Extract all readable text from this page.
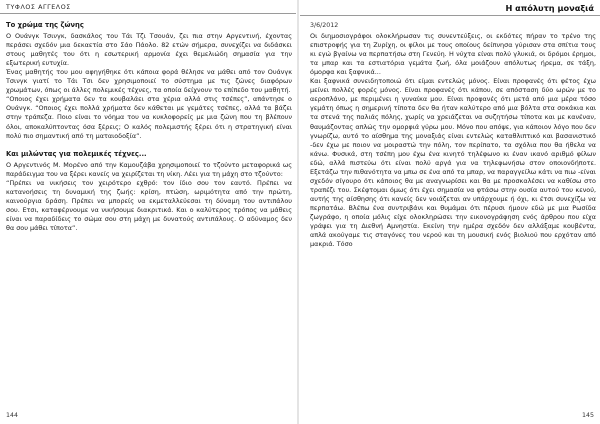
ΤΥΦΛΟΣ ΑΓΓΕΛΟΣ
Το χρώμα της ζώνης

Ο Ουάνγκ Τσινγκ, δασκάλος του Τάι Τζι Τσουάν, ζει πια στην Αργεντινή, έχοντας περάσει σχεδόν μια δεκαετία στο Σάο Πάολο. 82 ετών σήμερα, συνεχίζει να διδάσκει στους μαθητές του ότι η εσωτερική αρμονία έχει θεμελιώδη σημασία για την εξωτερική ευτυχία.

Ένας μαθητής του μου αφηγήθηκε ότι κάποια φορά θέλησε να μάθει από τον Ουάνγκ Τσινγκ γιατί το Τάι Τσι δεν χρησιμοποιεί το σύστημα με τις ζώνες διαφόρων χρωμάτων, όπως οι άλλες πολεμικές τέχνες, τα οποία δείχνουν το επίπεδο του μαθητή.

“Οποιος έχει χρήματα δεν τα κουβαλάει στα χέρια αλλά στις τσέπες”, απάντησε ο Ουάνγκ. “Οποιος έχει πολλά χρήματα δεν κάθεται με γεμάτες τσέπες, αλλά τα βάζει στην τράπεζα. Ποιο είναι το νόημα του να κυκλοφορείς με μια ζώνη που τη βλέπουν όλοι, αποκαλύπτοντας όσα ξέρεις; Ο καλός πολεμιστής ξέρει ότι η στρατηγική είναι πολύ πιο σημαντική από τη ματαιοδοξία”.

Και μιλώντας για πολεμικές τέχνες...

Ο Αργεντινός Μ. Μορένο από την Καμουζάβα χρησιμοποιεί το τζούντο μεταφορικά ως παράδειγμα του να ξέρει κανείς να χειρίζεται τη νίκη. Λέει για τη μάχη στο τζούντο:

“Πρέπει να νικήσεις τον χειρότερο εχθρό: τον ίδιο σου τον εαυτό. Πρέπει να κατανοήσεις τη δυναμική της ζωής: κρίση, πτώση, ωριμότητα από την πρώτη, καινούργια δράση. Πρέπει να μπορείς να εκμεταλλεύεσαι τη δύναμη του αντιπάλου σου. Ετσι, καταφέρνουμε να νικήσουμε διακριτικά. Και ο καλύτερος τρόπος να μάθεις είναι να παραδίδεις το σώμα σου στη μάχη με δυνατούς αντιπάλους. Ο αδύναμος δεν θα σου μάθει τίποτα”.

144
Η απόλυτη μοναξιά
3/6/2012

Οι διημοσιογράφοι ολοκλήρωσαν τις συνεντεύξεις, οι εκδότες πήραν το τρένο της επιστροφής για τη Ζυρίχη, οι φίλοι με τους οποίους δείπνησα γύρισαν στα σπίτια τους κι εγώ βγαίνω να περπατήσω στη Γενεύη. Η νύχτα είναι πολύ γλυκιά, οι δρόμοι έρημοι, τα μπαρ και τα εστιατόρια γεμάτα ζωή, όλα μοιάζουν απόλυτως ήρεμα, σε τάξη, όμορφα και ξαφνικά...

Και ξαφνικά συνειδητοποιώ ότι είμαι εντελώς μόνος. Είναι προφανές ότι φέτος έχω μείνει πολλές φορές μόνος. Είναι προφανές ότι κάπου, σε απόσταση δύο ωρών με το αεροπλάνο, με περιμένει η γυναίκα μου. Είναι προφανές ότι μετά από μια μέρα τόσο γεμάτη όπως η σημερινή τίποτα δεν θα ήταν καλύτερο από μια βόλτα στα σοκάκια και τα στενά της παλιάς πόλης, χωρίς να χρειάζεται να συζητήσω τίποτα και με κανέναν, θαυμάζοντας απλώς την ομορφιά γύρω μου. Μόνο που απόψε, για κάποιον λόγο που δεν γνωρίζω, αυτό το αίσθημα της μοναξιάς είναι εντελώς καταθλιπτικό και βασανιστικό -δεν έχω με ποιον να μοιραστώ την πόλη, τον περίπατο, τα σχόλια που θα ήθελα να κάνω. Φυσικά, στη τσέπη μου έχω ένα κινητό τηλέφωνο κι έναν ικανό αριθμό φίλων εδώ, αλλά πιστεύω ότι είναι πολύ αργά για να τηλεφωνήσω στον οποιονδήποτε. Εξετάζω την πιθανότητα να μπω σε ένα από τα μπαρ, να παραγγείλω κάτι να πιω -είναι σχεδόν σίγουρο ότι κάποιος θα με αναγνωρίσει και θα με προσκαλέσει να καθίσω στο τραπέζι του. Σκέφτομαι όμως ότι έχει σημασία να φτάσω στην ουσία αυτού του κενού, αυτής της αίσθησης ότι κανείς δεν νοιάζεται αν υπάρχουμε ή όχι, κι έτσι συνεχίζω να περπατάω. Βλέπω ένα συντριβάνι και θυμάμαι ότι πέρυσι ήμουν εδώ με μια Ρωσίδα ζωγράφο, η οποία μόλις είχε ολοκληρώσει την εικονογράφηση ενός άρθρου που είχα γράψει για τη Διεθνή Αμνηστία. Εκείνη την ημέρα σχεδόν δεν αλλάξαμε κουβέντα, απλά ακούγαμε τις σταγόνες του νερού και τη μουσική ενός βιολιού που ερχόταν από μακριά. Τόσο

145
